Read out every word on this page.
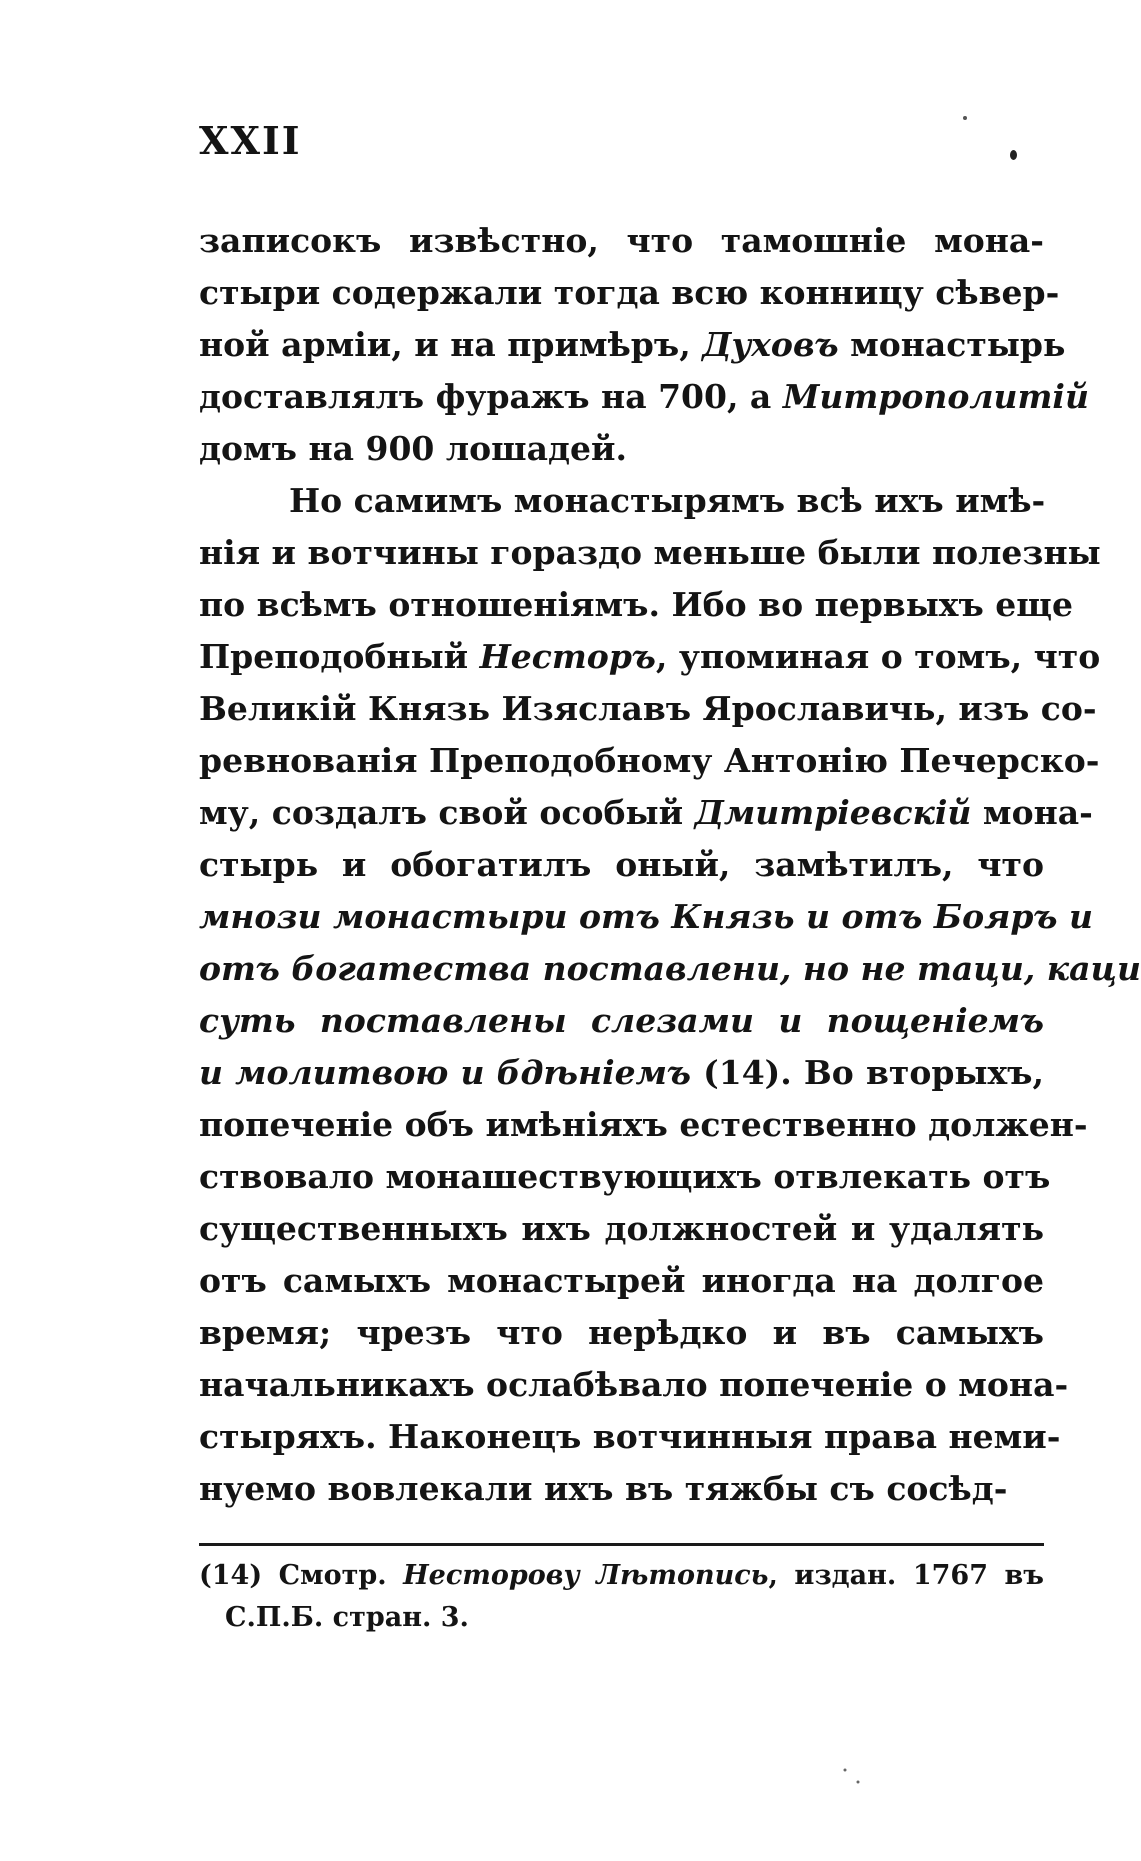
XXII
записокъ извѣстно, что тамошніе мона-
стыри содержали тогда всю конницу сѣвер-
ной арміи, и на примѣръ, Духовъ монастырь
доставлялъ фуражъ на 700, а Митрополитій
домъ на 900 лошадей.
Но самимъ монастырямъ всѣ ихъ имѣ-
нія и вотчины гораздо меньше были полезны
по всѣмъ отношеніямъ. Ибо во первыхъ еще
Преподобный Несторъ, упоминая о томъ, что
Великій Князь Изяславъ Ярославичь, изъ со-
ревнованія Преподобному Антонію Печерско-
му, создалъ свой особый Дмитріевскій мона-
стырь и обогатилъ оный, замѣтилъ, что
мнози монастыри отъ Князь и отъ Бояръ и
отъ богатества поставлени, но не таци, каци
суть поставлены слезами и пощеніемъ
и молитвою и бдѣніемъ (14). Во вторыхъ,
попеченіе объ имѣніяхъ естественно должен-
ствовало монашествующихъ отвлекать отъ
существенныхъ ихъ должностей и удалять
отъ самыхъ монастырей иногда на долгое
время; чрезъ что нерѣдко и въ самыхъ
начальникахъ ослабѣвало попеченіе о мона-
стыряхъ. Наконецъ вотчинныя права неми-
нуемо вовлекали ихъ въ тяжбы съ сосѣд-
(14) Смотр. Несторову Лѣтопись, издан. 1767 въ
С.П.Б. стран. 3.
